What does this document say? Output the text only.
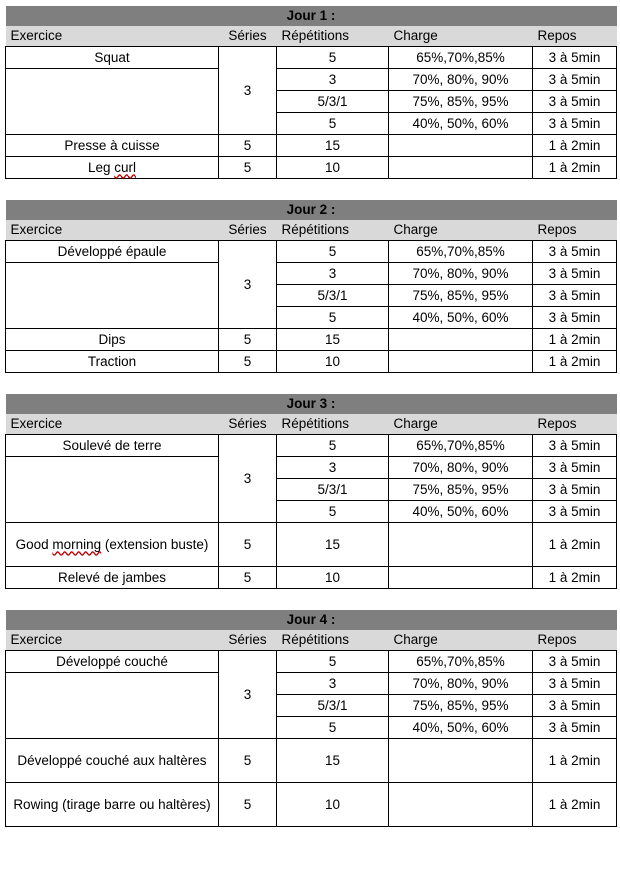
Jour 1 :				
Exercice	Séries	Répétitions	Charge	Repos
Squat	3	5	65%,70%,85%	3 à 5min
		3	70%, 80%, 90%	3 à 5min
		5/3/1	75%, 85%, 95%	3 à 5min
		5	40%, 50%, 60%	3 à 5min
Presse à cuisse	5	15		1 à 2min
Leg curl	5	10		1 à 2min
Jour 2 :				
Exercice	Séries	Répétitions	Charge	Repos
Développé épaule	3	5	65%,70%,85%	3 à 5min
		3	70%, 80%, 90%	3 à 5min
		5/3/1	75%, 85%, 95%	3 à 5min
		5	40%, 50%, 60%	3 à 5min
Dips	5	15		1 à 2min
Traction	5	10		1 à 2min
Jour 3 :				
Exercice	Séries	Répétitions	Charge	Repos
Soulevé de terre	3	5	65%,70%,85%	3 à 5min
		3	70%, 80%, 90%	3 à 5min
		5/3/1	75%, 85%, 95%	3 à 5min
		5	40%, 50%, 60%	3 à 5min
Good morning (extension buste)	5	15		1 à 2min
Relevé de jambes	5	10		1 à 2min
Jour 4 :				
Exercice	Séries	Répétitions	Charge	Repos
Développé couché	3	5	65%,70%,85%	3 à 5min
		3	70%, 80%, 90%	3 à 5min
		5/3/1	75%, 85%, 95%	3 à 5min
		5	40%, 50%, 60%	3 à 5min
Développé couché aux haltères	5	15		1 à 2min
Rowing (tirage barre ou haltères)	5	10		1 à 2min
